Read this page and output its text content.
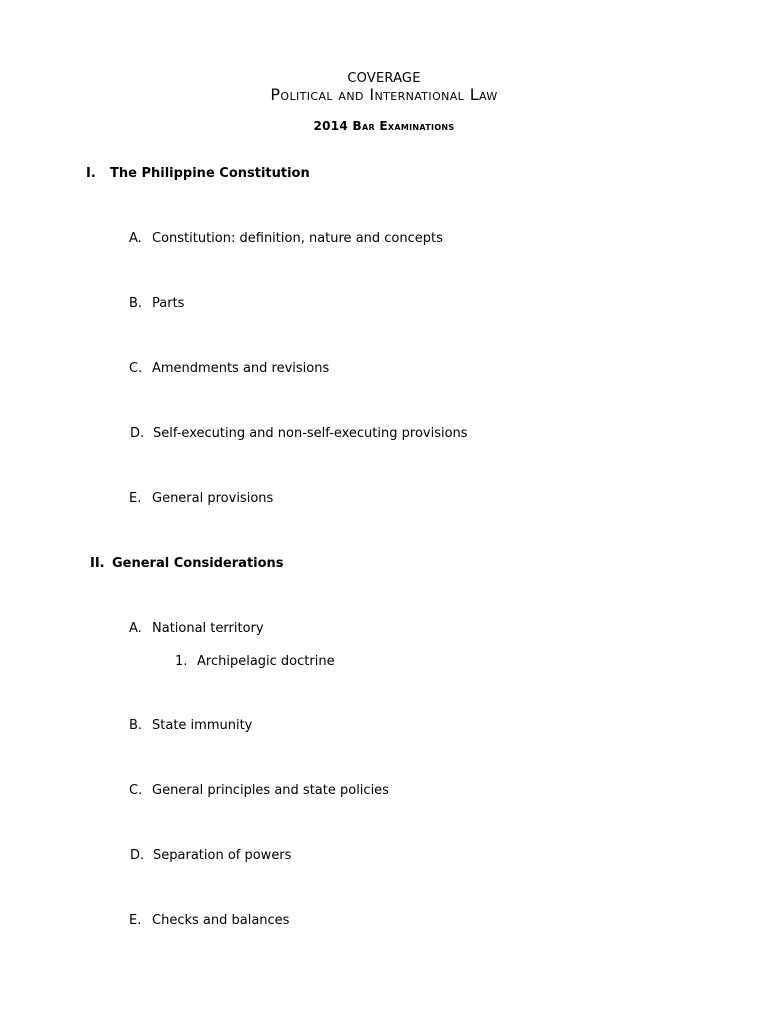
COVERAGE
Political and International Law
2014 Bar Examinations
I. The Philippine Constitution
A. Constitution: definition, nature and concepts
B. Parts
C. Amendments and revisions
D. Self-executing and non-self-executing provisions
E. General provisions
II. General Considerations
A. National territory
1. Archipelagic doctrine
B. State immunity
C. General principles and state policies
D. Separation of powers
E. Checks and balances
